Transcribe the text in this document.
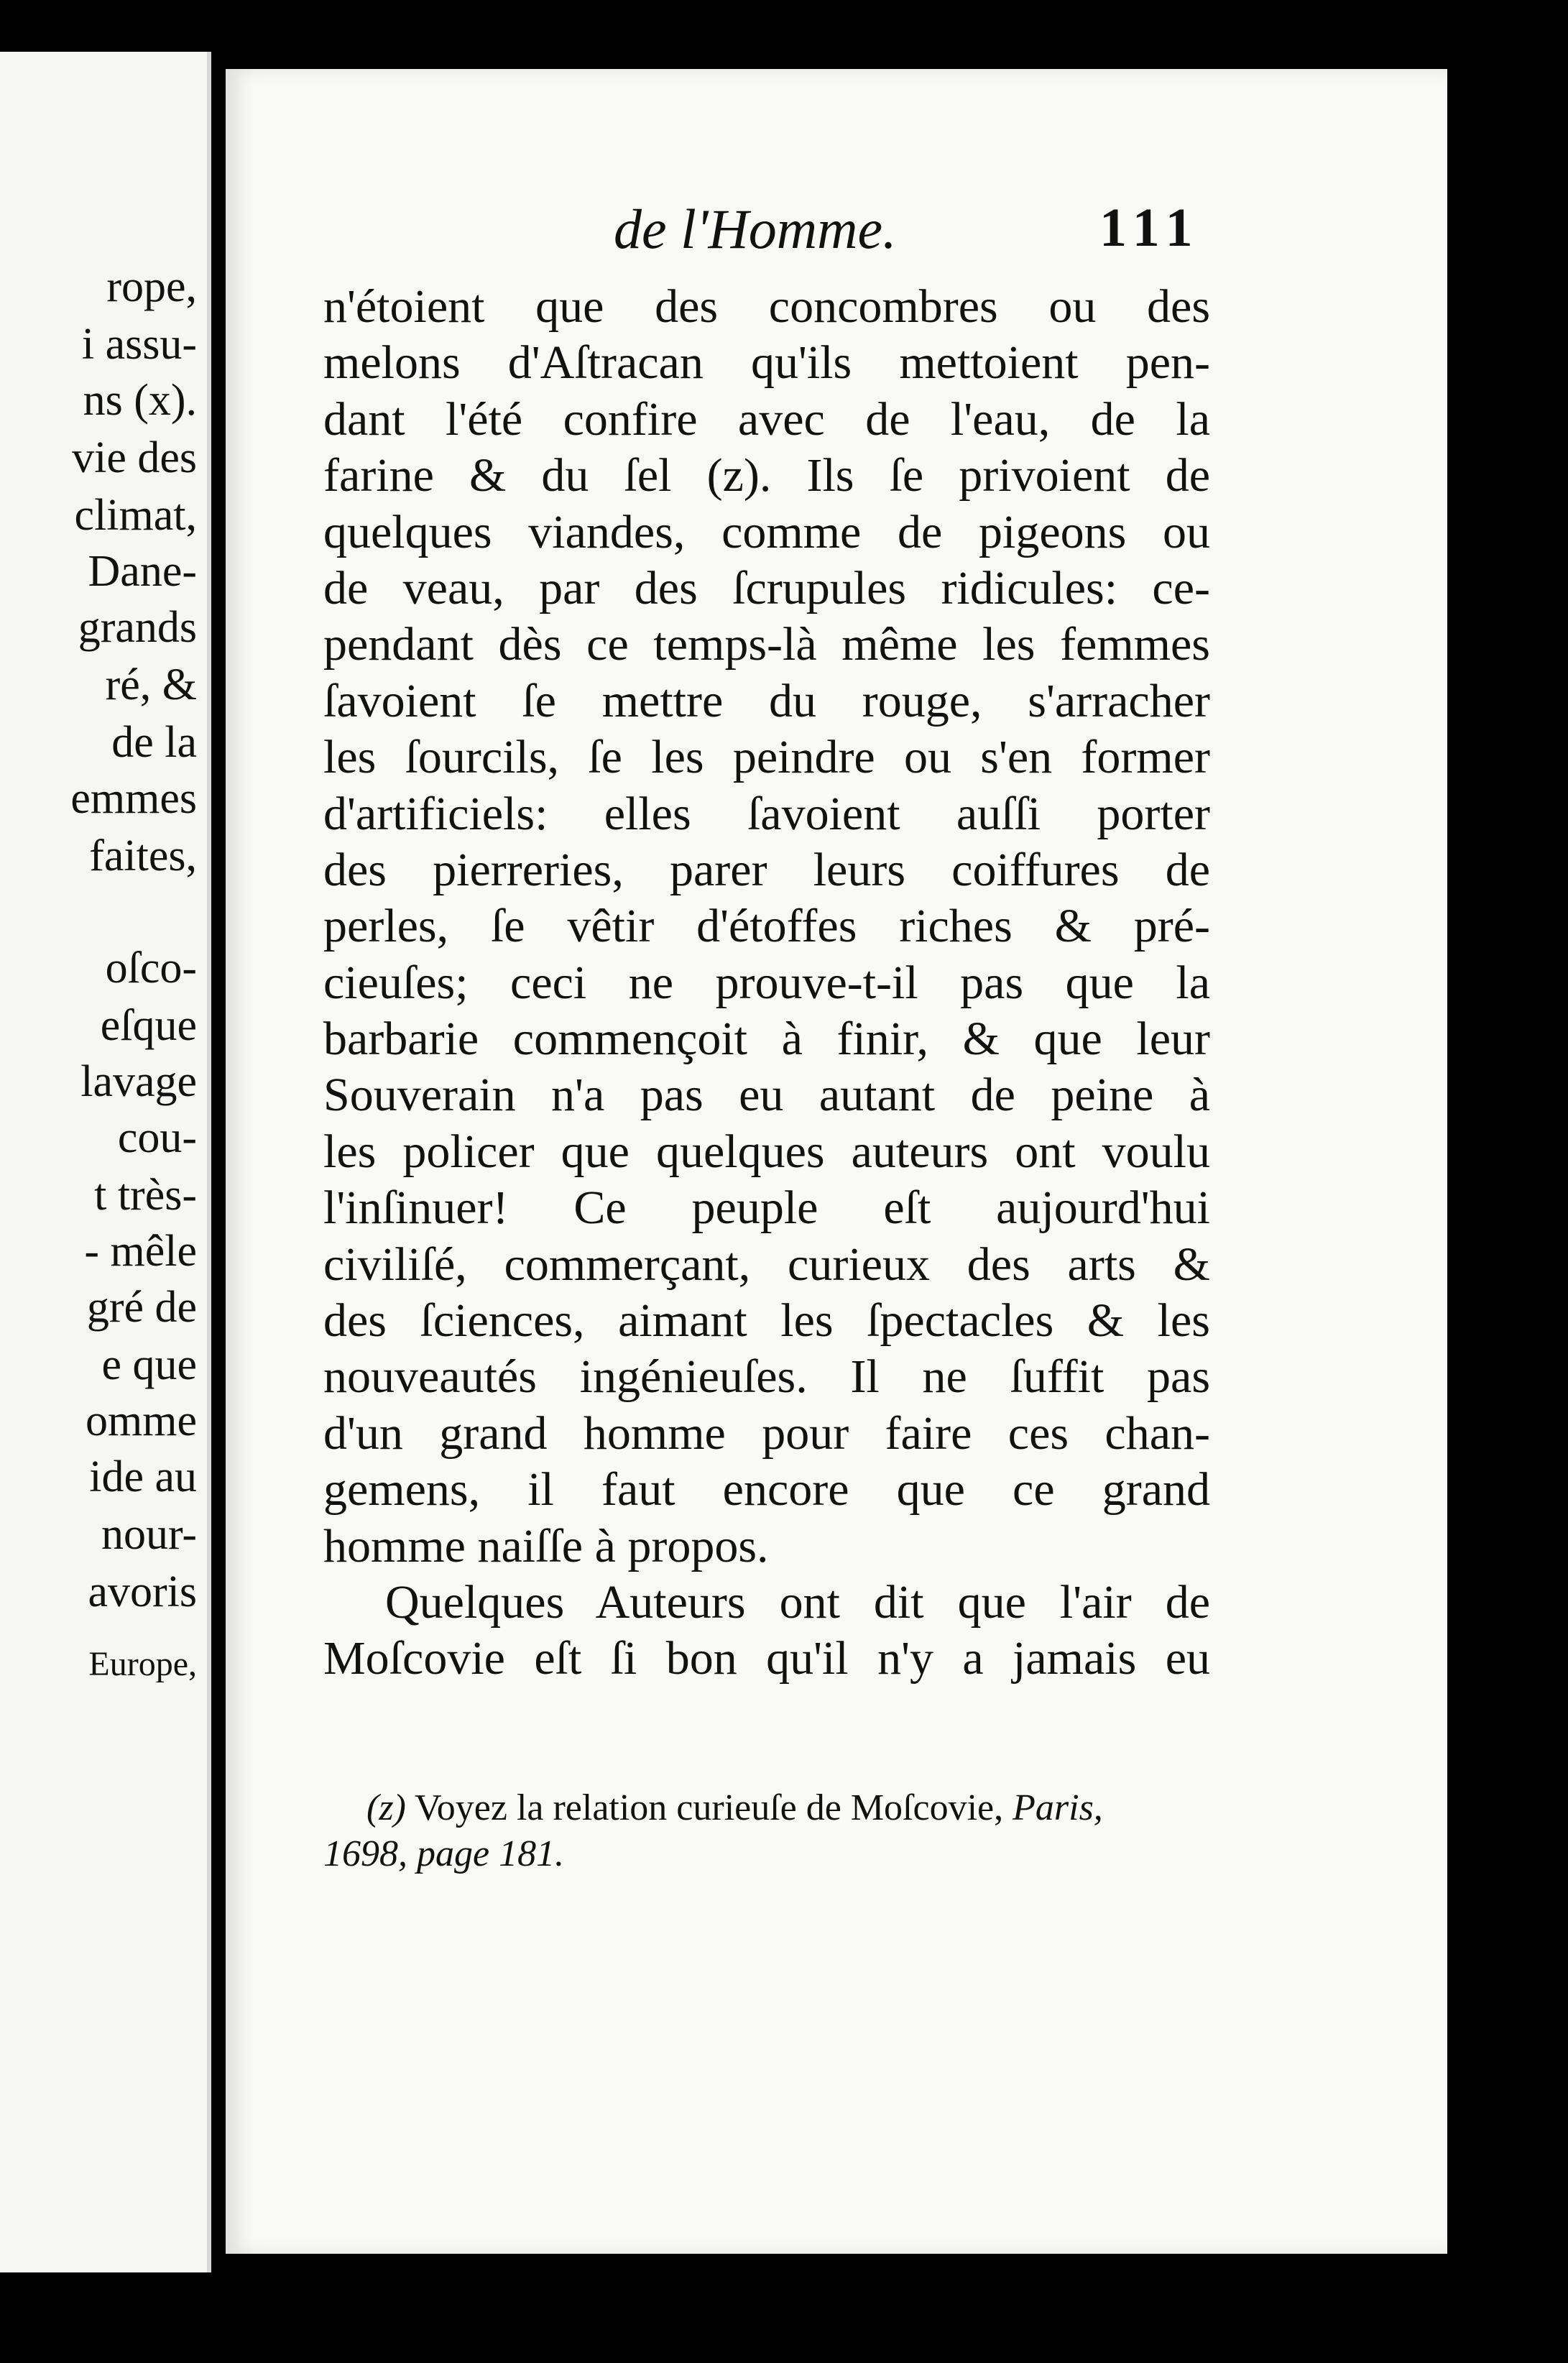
rope,
i assu-
ns (x).
vie des
climat,
Dane-
grands
ré, &
de la
emmes
faites,
oſco-
eſque
lavage
cou-
t très-
- mêle
gré de
e que
omme
ide au
nour-
avoris
Europe,
de l'Homme.	111
n'étoient que des concombres ou des
melons d'Aſtracan qu'ils mettoient pen-
dant l'été confire avec de l'eau, de la
farine & du ſel (z). Ils ſe privoient de
quelques viandes, comme de pigeons ou
de veau, par des ſcrupules ridicules: ce-
pendant dès ce temps-là même les femmes
ſavoient ſe mettre du rouge, s'arracher
les ſourcils, ſe les peindre ou s'en former
d'artificiels: elles ſavoient auſſi porter
des pierreries, parer leurs coiffures de
perles, ſe vêtir d'étoffes riches & pré-
cieuſes; ceci ne prouve-t-il pas que la
barbarie commençoit à finir, & que leur
Souverain n'a pas eu autant de peine à
les policer que quelques auteurs ont voulu
l'inſinuer! Ce peuple eſt aujourd'hui
civiliſé, commerçant, curieux des arts &
des ſciences, aimant les ſpectacles & les
nouveautés ingénieuſes. Il ne ſuffit pas
d'un grand homme pour faire ces chan-
gemens, il faut encore que ce grand
homme naiſſe à propos.
Quelques Auteurs ont dit que l'air de
Moſcovie eſt ſi bon qu'il n'y a jamais eu
(z) Voyez la relation curieuſe de Moſcovie, Paris,
1698, page 181.
